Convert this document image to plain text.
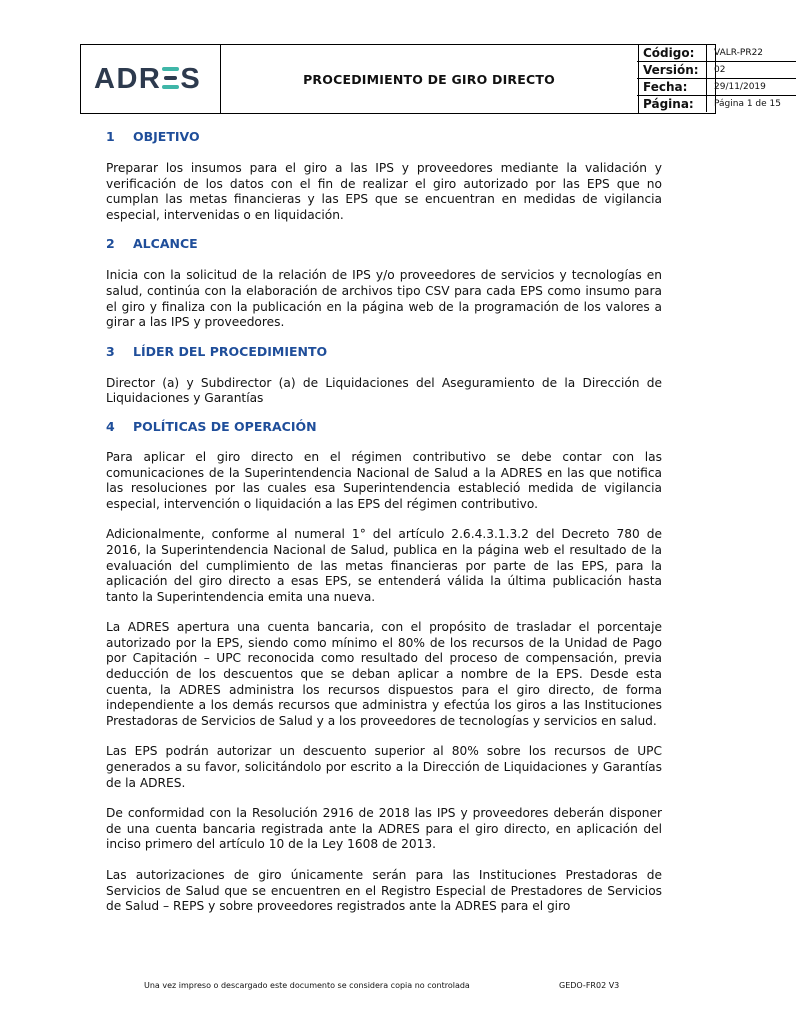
ADR S	PROCEDIMIENTO DE GIRO DIRECTO
Código:	VALR-PR22
Versión:	02
Fecha:	29/11/2019
Página:	Página 1 de 15
1 OBJETIVO

Preparar los insumos para el giro a las IPS y proveedores mediante la validación y verificación de los datos con el fin de realizar el giro autorizado por las EPS que no cumplan las metas financieras y las EPS que se encuentran en medidas de vigilancia especial, intervenidas o en liquidación.

2 ALCANCE

Inicia con la solicitud de la relación de IPS y/o proveedores de servicios y tecnologías en salud, continúa con la elaboración de archivos tipo CSV para cada EPS como insumo para el giro y finaliza con la publicación en la página web de la programación de los valores a girar a las IPS y proveedores.

3 LÍDER DEL PROCEDIMIENTO

Director (a) y Subdirector (a) de Liquidaciones del Aseguramiento de la Dirección de Liquidaciones y Garantías

4 POLÍTICAS DE OPERACIÓN

Para aplicar el giro directo en el régimen contributivo se debe contar con las comunicaciones de la Superintendencia Nacional de Salud a la ADRES en las que notifica las resoluciones por las cuales esa Superintendencia estableció medida de vigilancia especial, intervención o liquidación a las EPS del régimen contributivo.

Adicionalmente, conforme al numeral 1° del artículo 2.6.4.3.1.3.2 del Decreto 780 de 2016, la Superintendencia Nacional de Salud, publica en la página web el resultado de la evaluación del cumplimiento de las metas financieras por parte de las EPS, para la aplicación del giro directo a esas EPS, se entenderá válida la última publicación hasta tanto la Superintendencia emita una nueva.

La ADRES apertura una cuenta bancaria, con el propósito de trasladar el porcentaje autorizado por la EPS, siendo como mínimo el 80% de los recursos de la Unidad de Pago por Capitación – UPC reconocida como resultado del proceso de compensación, previa deducción de los descuentos que se deban aplicar a nombre de la EPS. Desde esta cuenta, la ADRES administra los recursos dispuestos para el giro directo, de forma independiente a los demás recursos que administra y efectúa los giros a las Instituciones Prestadoras de Servicios de Salud y a los proveedores de tecnologías y servicios en salud.

Las EPS podrán autorizar un descuento superior al 80% sobre los recursos de UPC generados a su favor, solicitándolo por escrito a la Dirección de Liquidaciones y Garantías de la ADRES.

De conformidad con la Resolución 2916 de 2018 las IPS y proveedores deberán disponer de una cuenta bancaria registrada ante la ADRES para el giro directo, en aplicación del inciso primero del artículo 10 de la Ley 1608 de 2013.

Las autorizaciones de giro únicamente serán para las Instituciones Prestadoras de Servicios de Salud que se encuentren en el Registro Especial de Prestadores de Servicios de Salud – REPS y sobre proveedores registrados ante la ADRES para el giro

Una vez impreso o descargado este documento se considera copia no controlada	GEDO-FR02 V3
